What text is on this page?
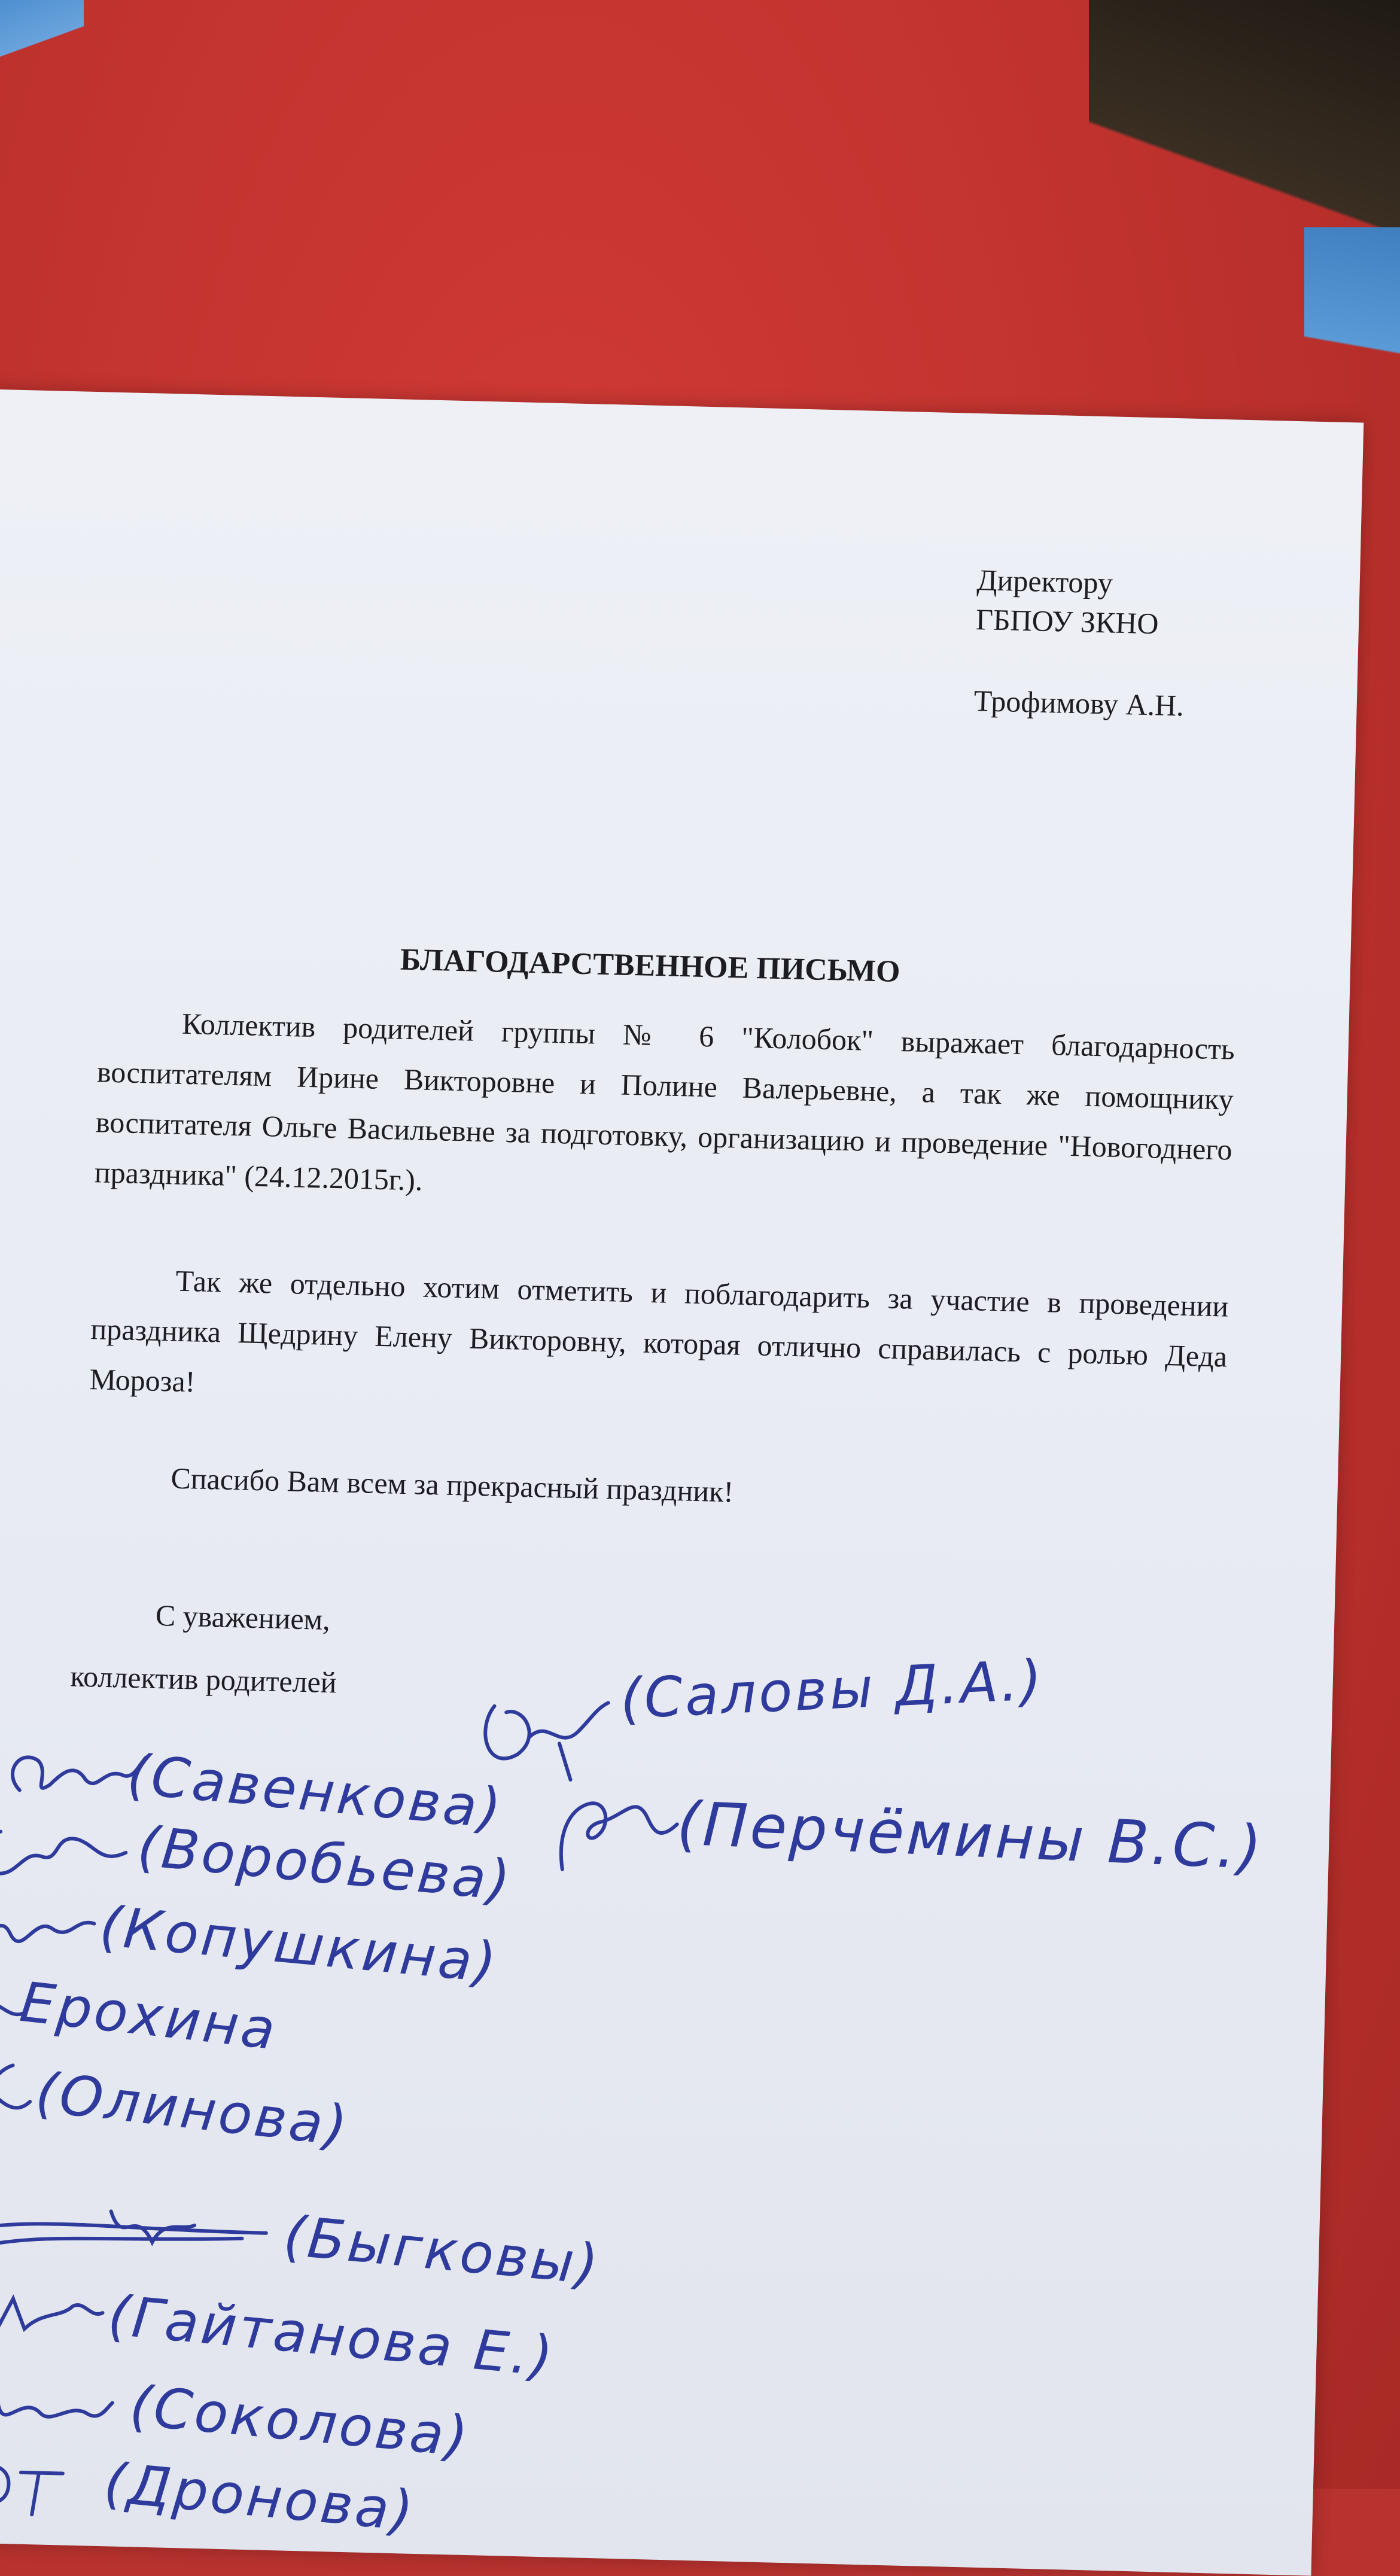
Директору
ГБПОУ ЗКНО
Трофимову А.Н.
БЛАГОДАРСТВЕННОЕ ПИСЬМО
Коллектив родителей группы № 6 "Колобок" выражает благодарность воспитателям Ирине Викторовне и Полине Валерьевне, а так же помощнику воспитателя Ольге Васильевне за подготовку, организацию и проведение "Новогоднего праздника" (24.12.2015г.).
Так же отдельно хотим отметить и поблагодарить за участие в проведении праздника Щедрину Елену Викторовну, которая отлично справилась с ролью Деда Мороза!
Спасибо Вам всем за прекрасный праздник!
С уважением,
коллектив родителей
(Савенкова)
(Воробьева)
(Копушкина)
Ерохина
(Олинова)
(Быгковы)
(Гайтанова Е.)
(Соколова)
(Дронова)
(Саловы Д.А.)
(Перчёмины В.С.)
